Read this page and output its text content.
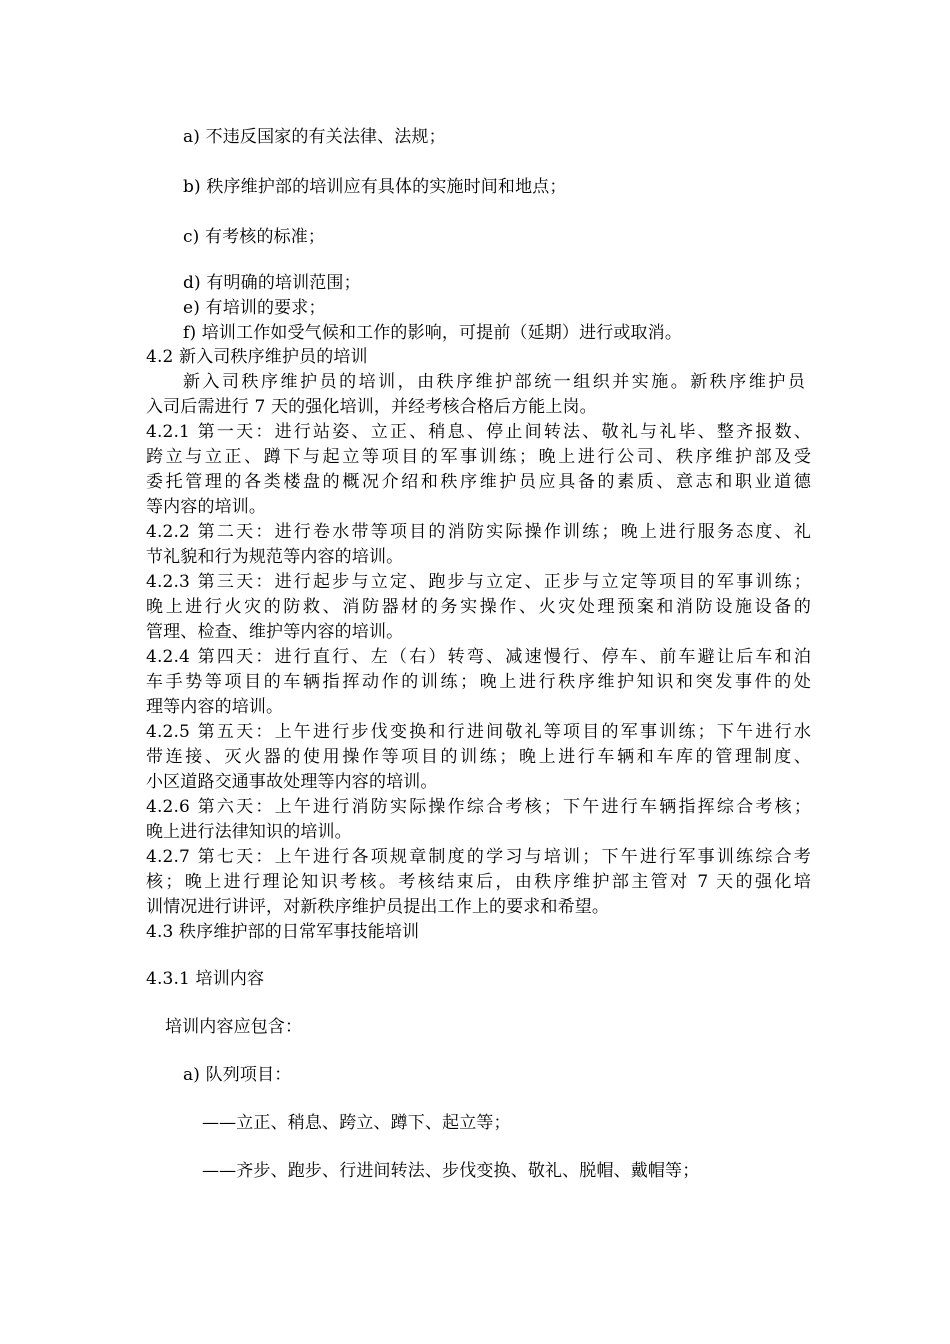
a) 不违反国家的有关法律、法规；
b) 秩序维护部的培训应有具体的实施时间和地点；
c) 有考核的标准；
d) 有明确的培训范围；
e) 有培训的要求；
f) 培训工作如受气候和工作的影响，可提前（延期）进行或取消。
4.2 新入司秩序维护员的培训
新入司秩序维护员的培训，由秩序维护部统一组织并实施。新秩序维护员
入司后需进行 7 天的强化培训，并经考核合格后方能上岗。
4.2.1 第一天：进行站姿、立正、稍息、停止间转法、敬礼与礼毕、整齐报数、
跨立与立正、蹲下与起立等项目的军事训练；晚上进行公司、秩序维护部及受
委托管理的各类楼盘的概况介绍和秩序维护员应具备的素质、意志和职业道德
等内容的培训。
4.2.2 第二天：进行卷水带等项目的消防实际操作训练；晚上进行服务态度、礼
节礼貌和行为规范等内容的培训。
4.2.3 第三天：进行起步与立定、跑步与立定、正步与立定等项目的军事训练；
晚上进行火灾的防救、消防器材的务实操作、火灾处理预案和消防设施设备的
管理、检查、维护等内容的培训。
4.2.4 第四天：进行直行、左（右）转弯、减速慢行、停车、前车避让后车和泊
车手势等项目的车辆指挥动作的训练；晚上进行秩序维护知识和突发事件的处
理等内容的培训。
4.2.5 第五天：上午进行步伐变换和行进间敬礼等项目的军事训练；下午进行水
带连接、灭火器的使用操作等项目的训练；晚上进行车辆和车库的管理制度、
小区道路交通事故处理等内容的培训。
4.2.6 第六天：上午进行消防实际操作综合考核；下午进行车辆指挥综合考核；
晚上进行法律知识的培训。
4.2.7 第七天：上午进行各项规章制度的学习与培训；下午进行军事训练综合考
核；晚上进行理论知识考核。考核结束后，由秩序维护部主管对 7 天的强化培
训情况进行讲评，对新秩序维护员提出工作上的要求和希望。
4.3 秩序维护部的日常军事技能培训
4.3.1 培训内容
培训内容应包含：
a) 队列项目：
——立正、稍息、跨立、蹲下、起立等；
——齐步、跑步、行进间转法、步伐变换、敬礼、脱帽、戴帽等；
